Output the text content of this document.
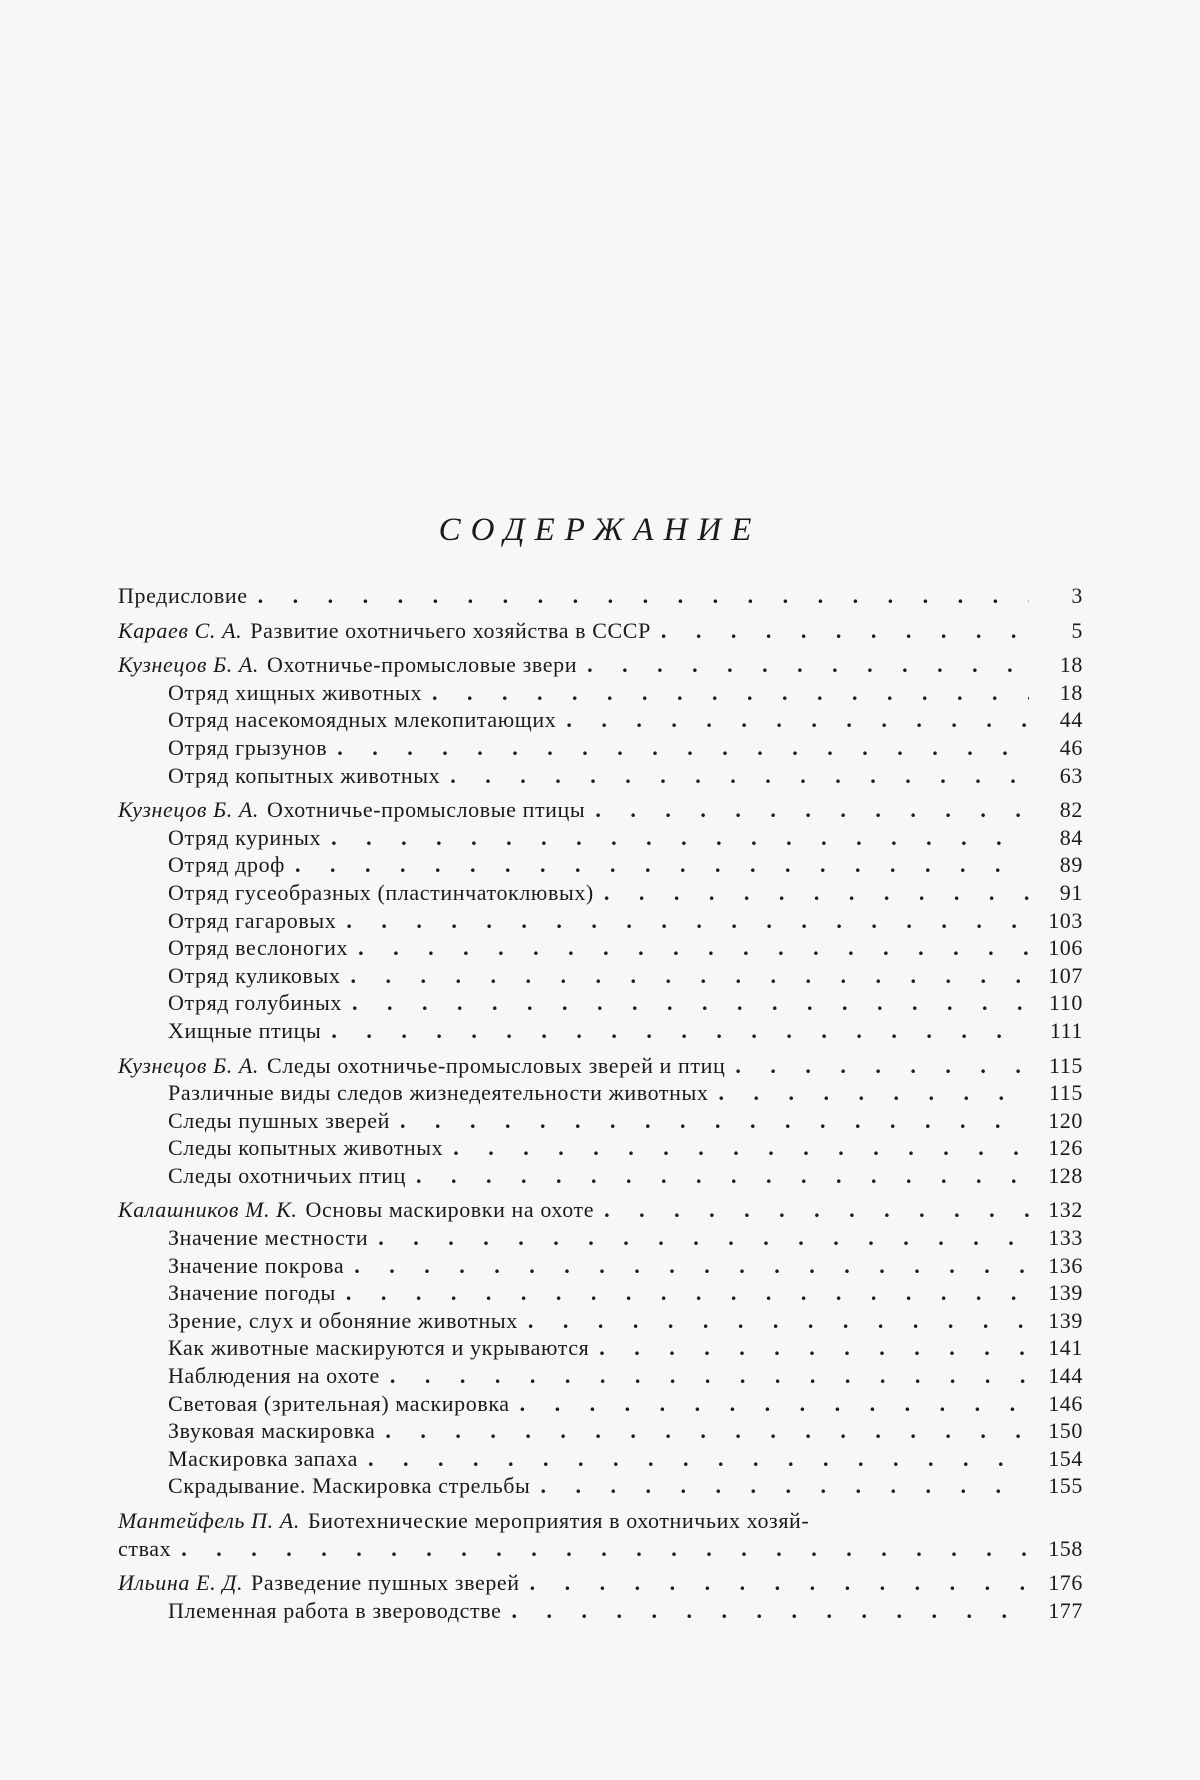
СОДЕРЖАНИЕ
Предисловие . . .	3
Караев С. А. Развитие охотничьего хозяйства в СССР . . .	5
Кузнецов Б. А. Охотничье-промысловые звери . . .	18
Отряд хищных животных . . .	18
Отряд насекомоядных млекопитающих . . .	44
Отряд грызунов . . .	46
Отряд копытных животных . . .	63
Кузнецов Б. А. Охотничье-промысловые птицы . . .	82
Отряд куриных . . .	84
Отряд дроф . . .	89
Отряд гусеобразных (пластинчатоклювых) . . .	91
Отряд гагаровых . . .	103
Отряд веслоногих . . .	106
Отряд куликовых . . .	107
Отряд голубиных . . .	110
Хищные птицы . . .	111
Кузнецов Б. А. Следы охотничье-промысловых зверей и птиц . . .	115
Различные виды следов жизнедеятельности животных . . .	115
Следы пушных зверей . . .	120
Следы копытных животных . . .	126
Следы охотничьих птиц . . .	128
Калашников М. К. Основы маскировки на охоте . . .	132
Значение местности . . .	133
Значение покрова . . .	136
Значение погоды . . .	139
Зрение, слух и обоняние животных . . .	139
Как животные маскируются и укрываются . . .	141
Наблюдения на охоте . . .	144
Световая (зрительная) маскировка . . .	146
Звуковая маскировка . . .	150
Маскировка запаха . . .	154
Скрадывание. Маскировка стрельбы . . .	155
Мантейфель П. А. Биотехнические мероприятия в охотничьих хозяй-
ствах . . .	158
Ильина Е. Д. Разведение пушных зверей . . .	176
Племенная работа в звероводстве . . .	177
